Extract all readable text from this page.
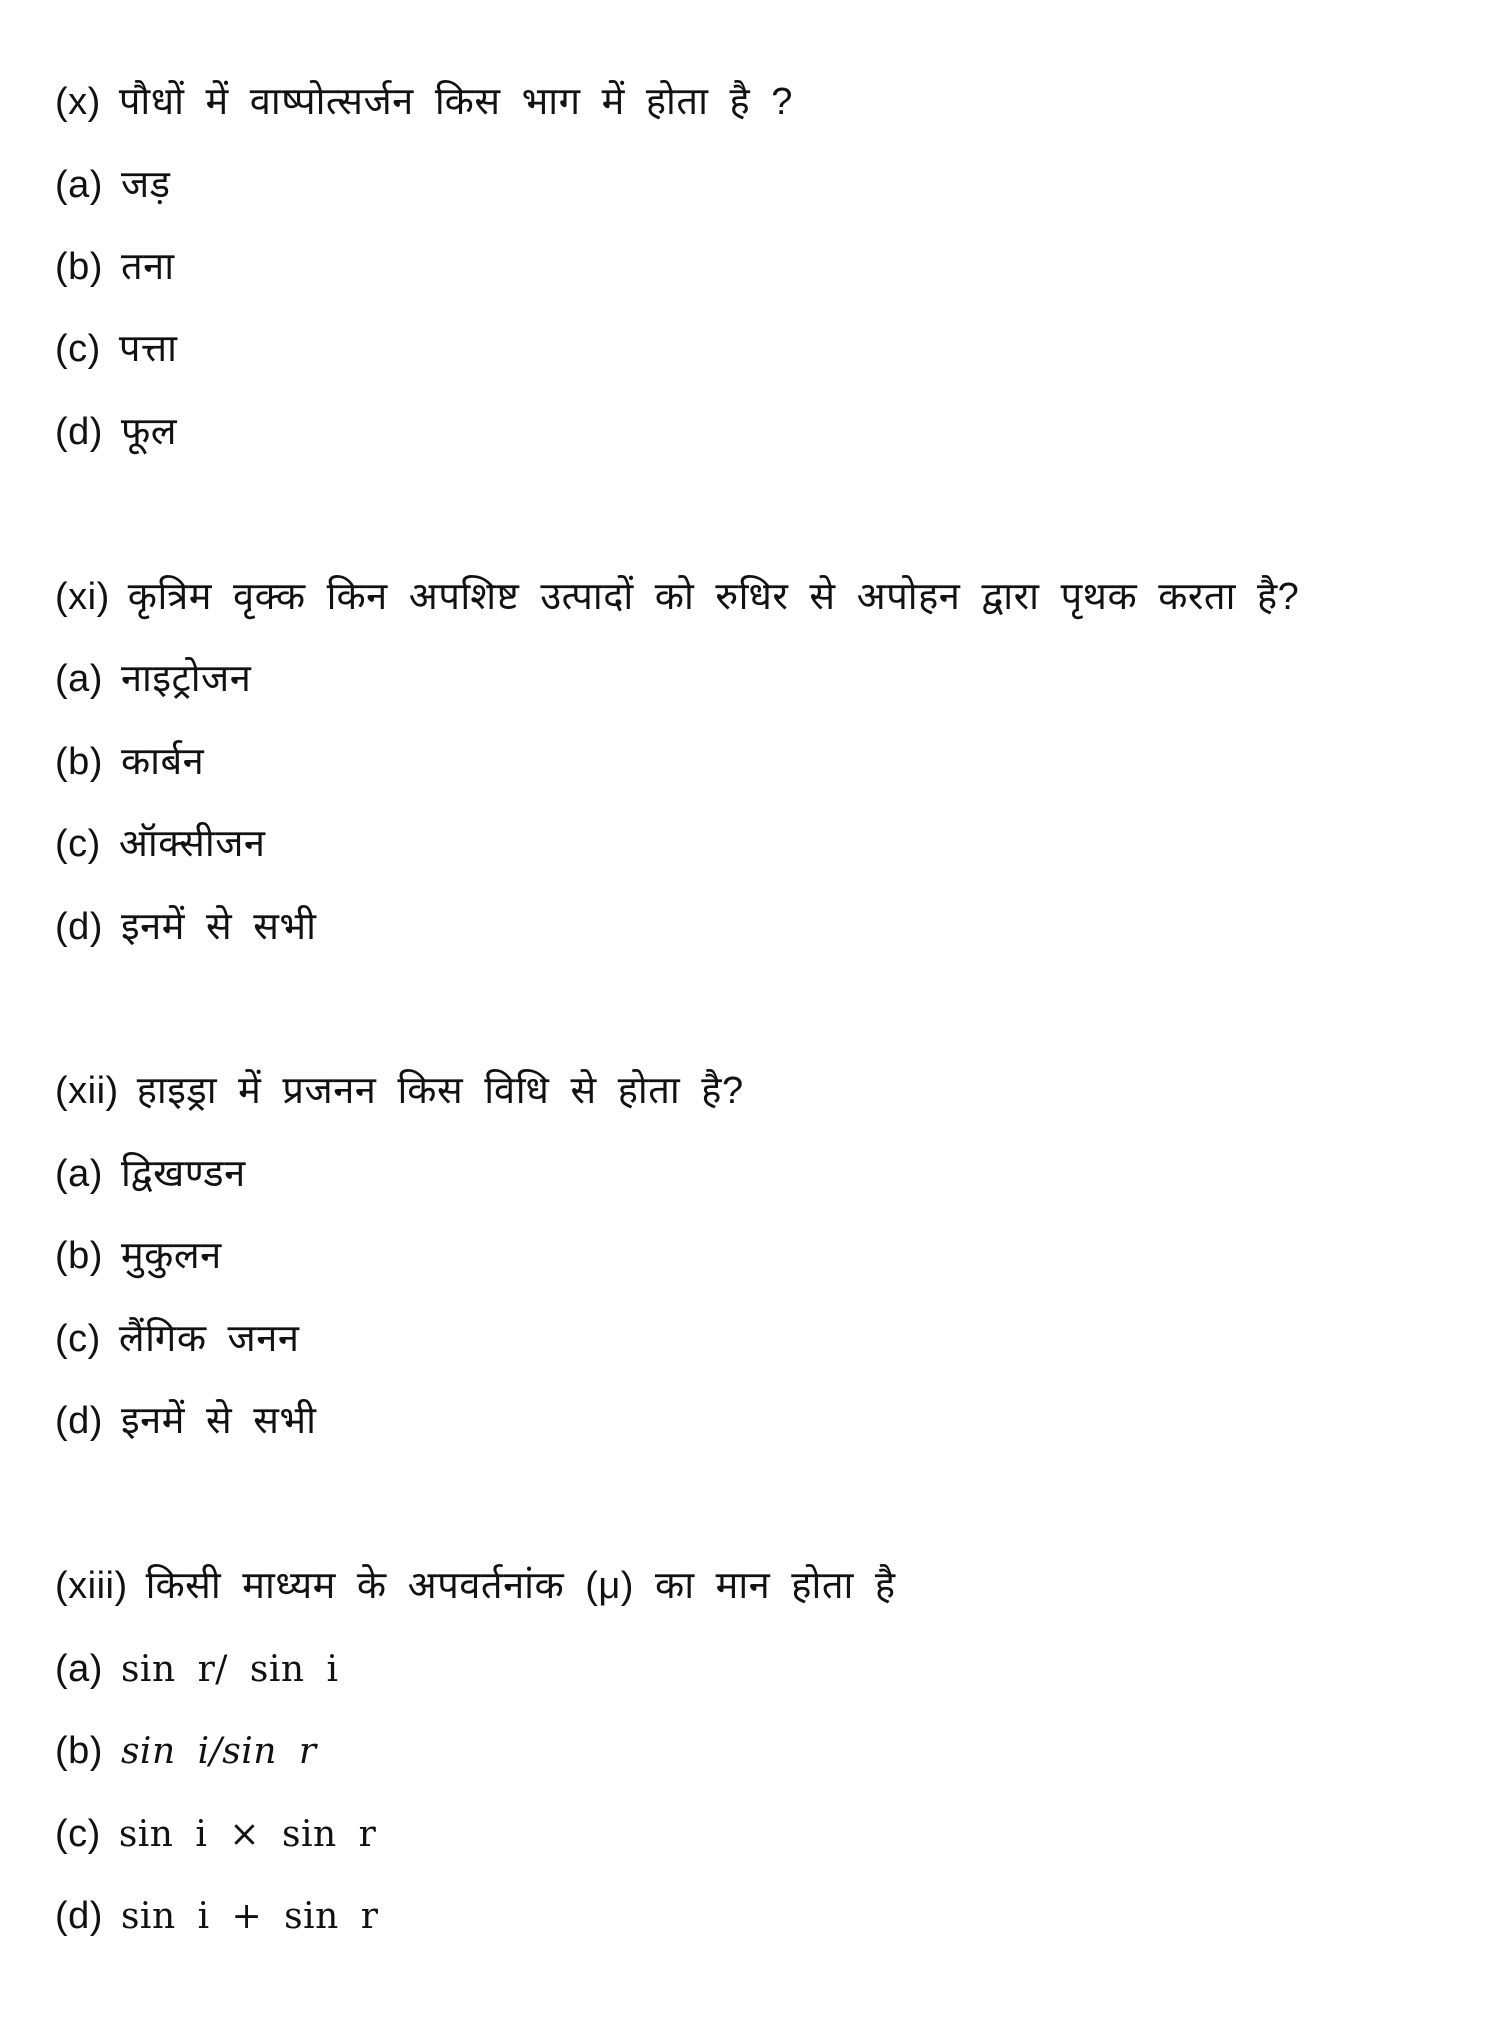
(x) पौधों में वाष्पोत्सर्जन किस भाग में होता है ?
(a) जड़
(b) तना
(c) पत्ता
(d) फूल
(xi) कृत्रिम वृक्क किन अपशिष्ट उत्पादों को रुधिर से अपोहन द्वारा पृथक करता है?
(a) नाइट्रोजन
(b) कार्बन
(c) ऑक्सीजन
(d) इनमें से सभी
(xii) हाइड्रा में प्रजनन किस विधि से होता है?
(a) द्विखण्डन
(b) मुकुलन
(c) लैंगिक जनन
(d) इनमें से सभी
(xiii) किसी माध्यम के अपवर्तनांक (μ) का मान होता है
(a) sin r/ sin i
(b) sin i/sin r
(c) sin i × sin r
(d) sin i + sin r
